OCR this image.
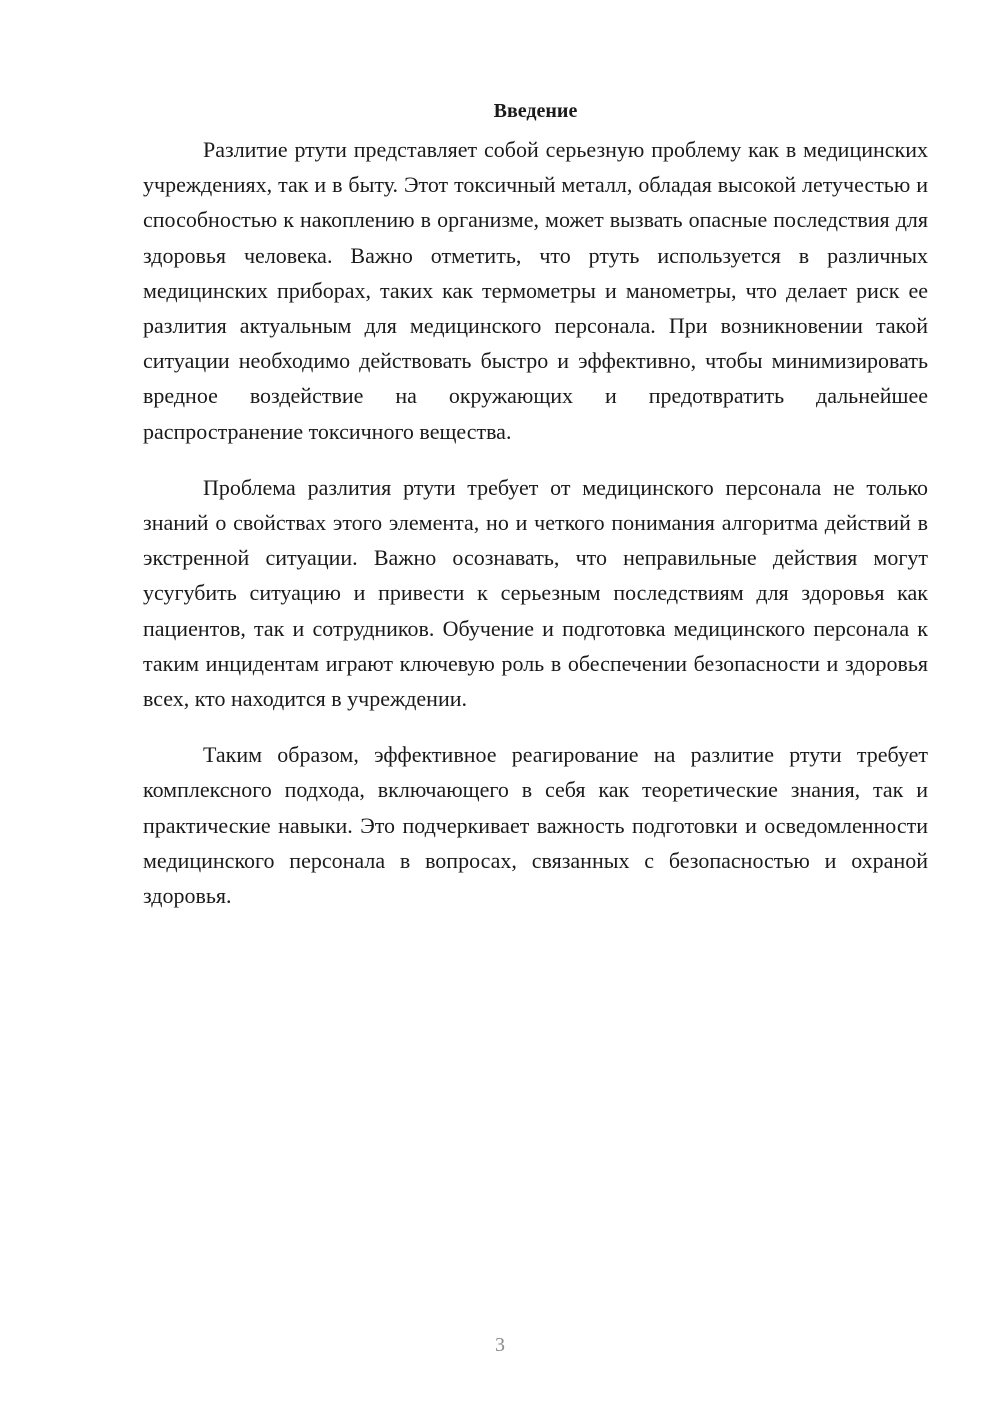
Введение

Разлитие ртути представляет собой серьезную проблему как в медицинских учреждениях, так и в быту. Этот токсичный металл, обладая высокой летучестью и способностью к накоплению в организме, может вызвать опасные последствия для здоровья человека. Важно отметить, что ртуть используется в различных медицинских приборах, таких как термометры и манометры, что делает риск ее разлития актуальным для медицинского персонала. При возникновении такой ситуации необходимо действовать быстро и эффективно, чтобы минимизировать вредное воздействие на окружающих и предотвратить дальнейшее распространение токсичного вещества.

Проблема разлития ртути требует от медицинского персонала не только знаний о свойствах этого элемента, но и четкого понимания алгоритма действий в экстренной ситуации. Важно осознавать, что неправильные действия могут усугубить ситуацию и привести к серьезным последствиям для здоровья как пациентов, так и сотрудников. Обучение и подготовка медицинского персонала к таким инцидентам играют ключевую роль в обеспечении безопасности и здоровья всех, кто находится в учреждении.

Таким образом, эффективное реагирование на разлитие ртути требует комплексного подхода, включающего в себя как теоретические знания, так и практические навыки. Это подчеркивает важность подготовки и осведомленности медицинского персонала в вопросах, связанных с безопасностью и охраной здоровья.

3
